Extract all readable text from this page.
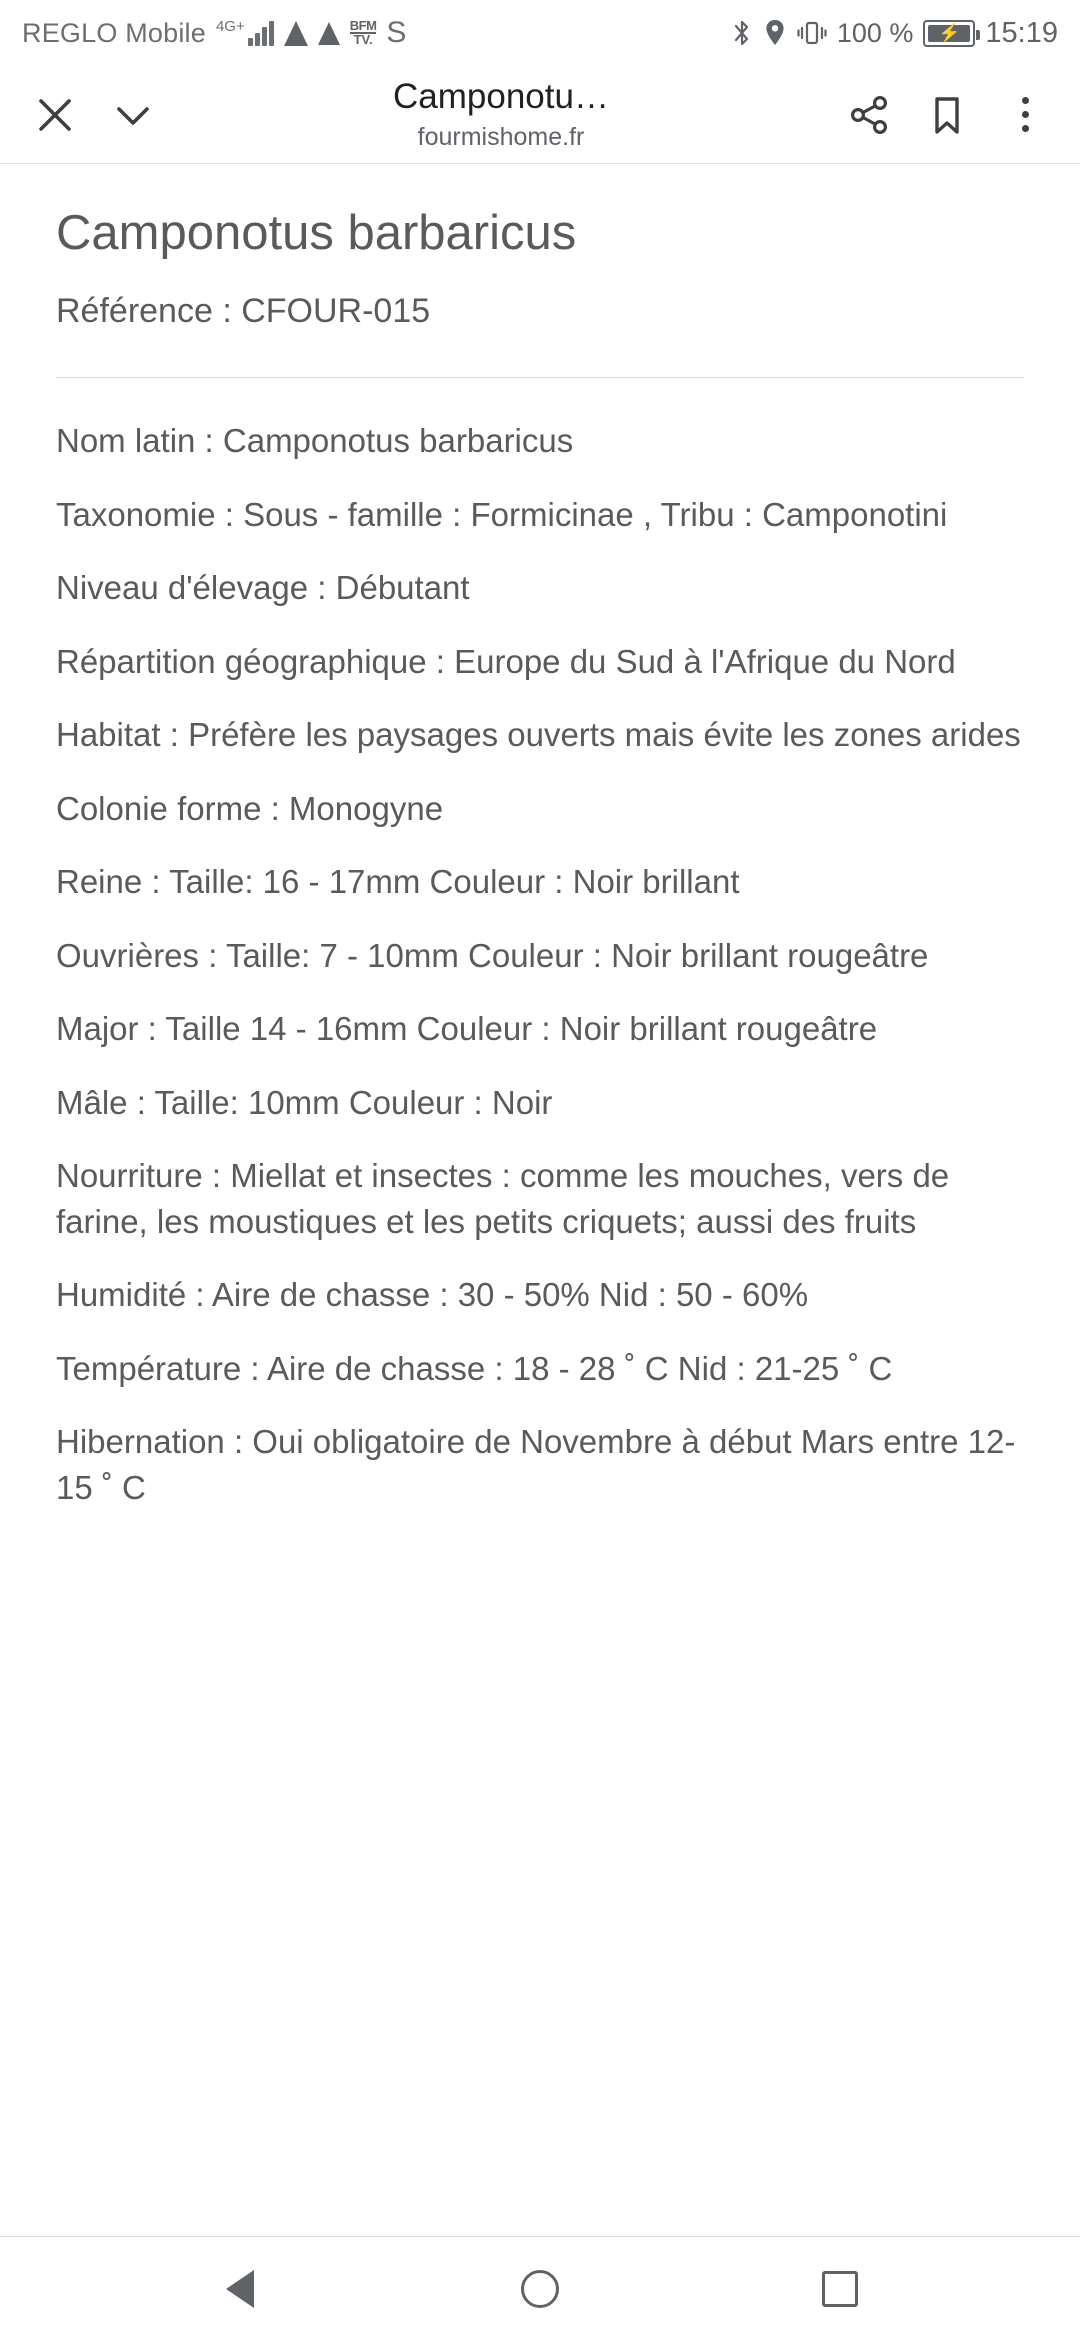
REGLO Mobile 4G+	BFM
TV. S	100 % ⚡ 15:19
Camponotu…
fourmishome.fr
Camponotus barbaricus
Référence : CFOUR-015
Nom latin : Camponotus barbaricus
Taxonomie : Sous - famille : Formicinae , Tribu : Camponotini
Niveau d'élevage : Débutant
Répartition géographique : Europe du Sud à l'Afrique du Nord
Habitat : Préfère les paysages ouverts mais évite les zones arides
Colonie forme : Monogyne
Reine : Taille: 16 - 17mm Couleur : Noir brillant
Ouvrières : Taille: 7 - 10mm Couleur : Noir brillant rougeâtre
Major : Taille 14 - 16mm Couleur : Noir brillant rougeâtre
Mâle : Taille: 10mm Couleur : Noir
Nourriture : Miellat et insectes : comme les mouches, vers de farine, les moustiques et les petits criquets; aussi des fruits
Humidité : Aire de chasse : 30 - 50% Nid : 50 - 60%
Température : Aire de chasse : 18 - 28 ˚ C Nid : 21-25 ˚ C
Hibernation : Oui obligatoire de Novembre à début Mars entre 12-15 ˚ C
